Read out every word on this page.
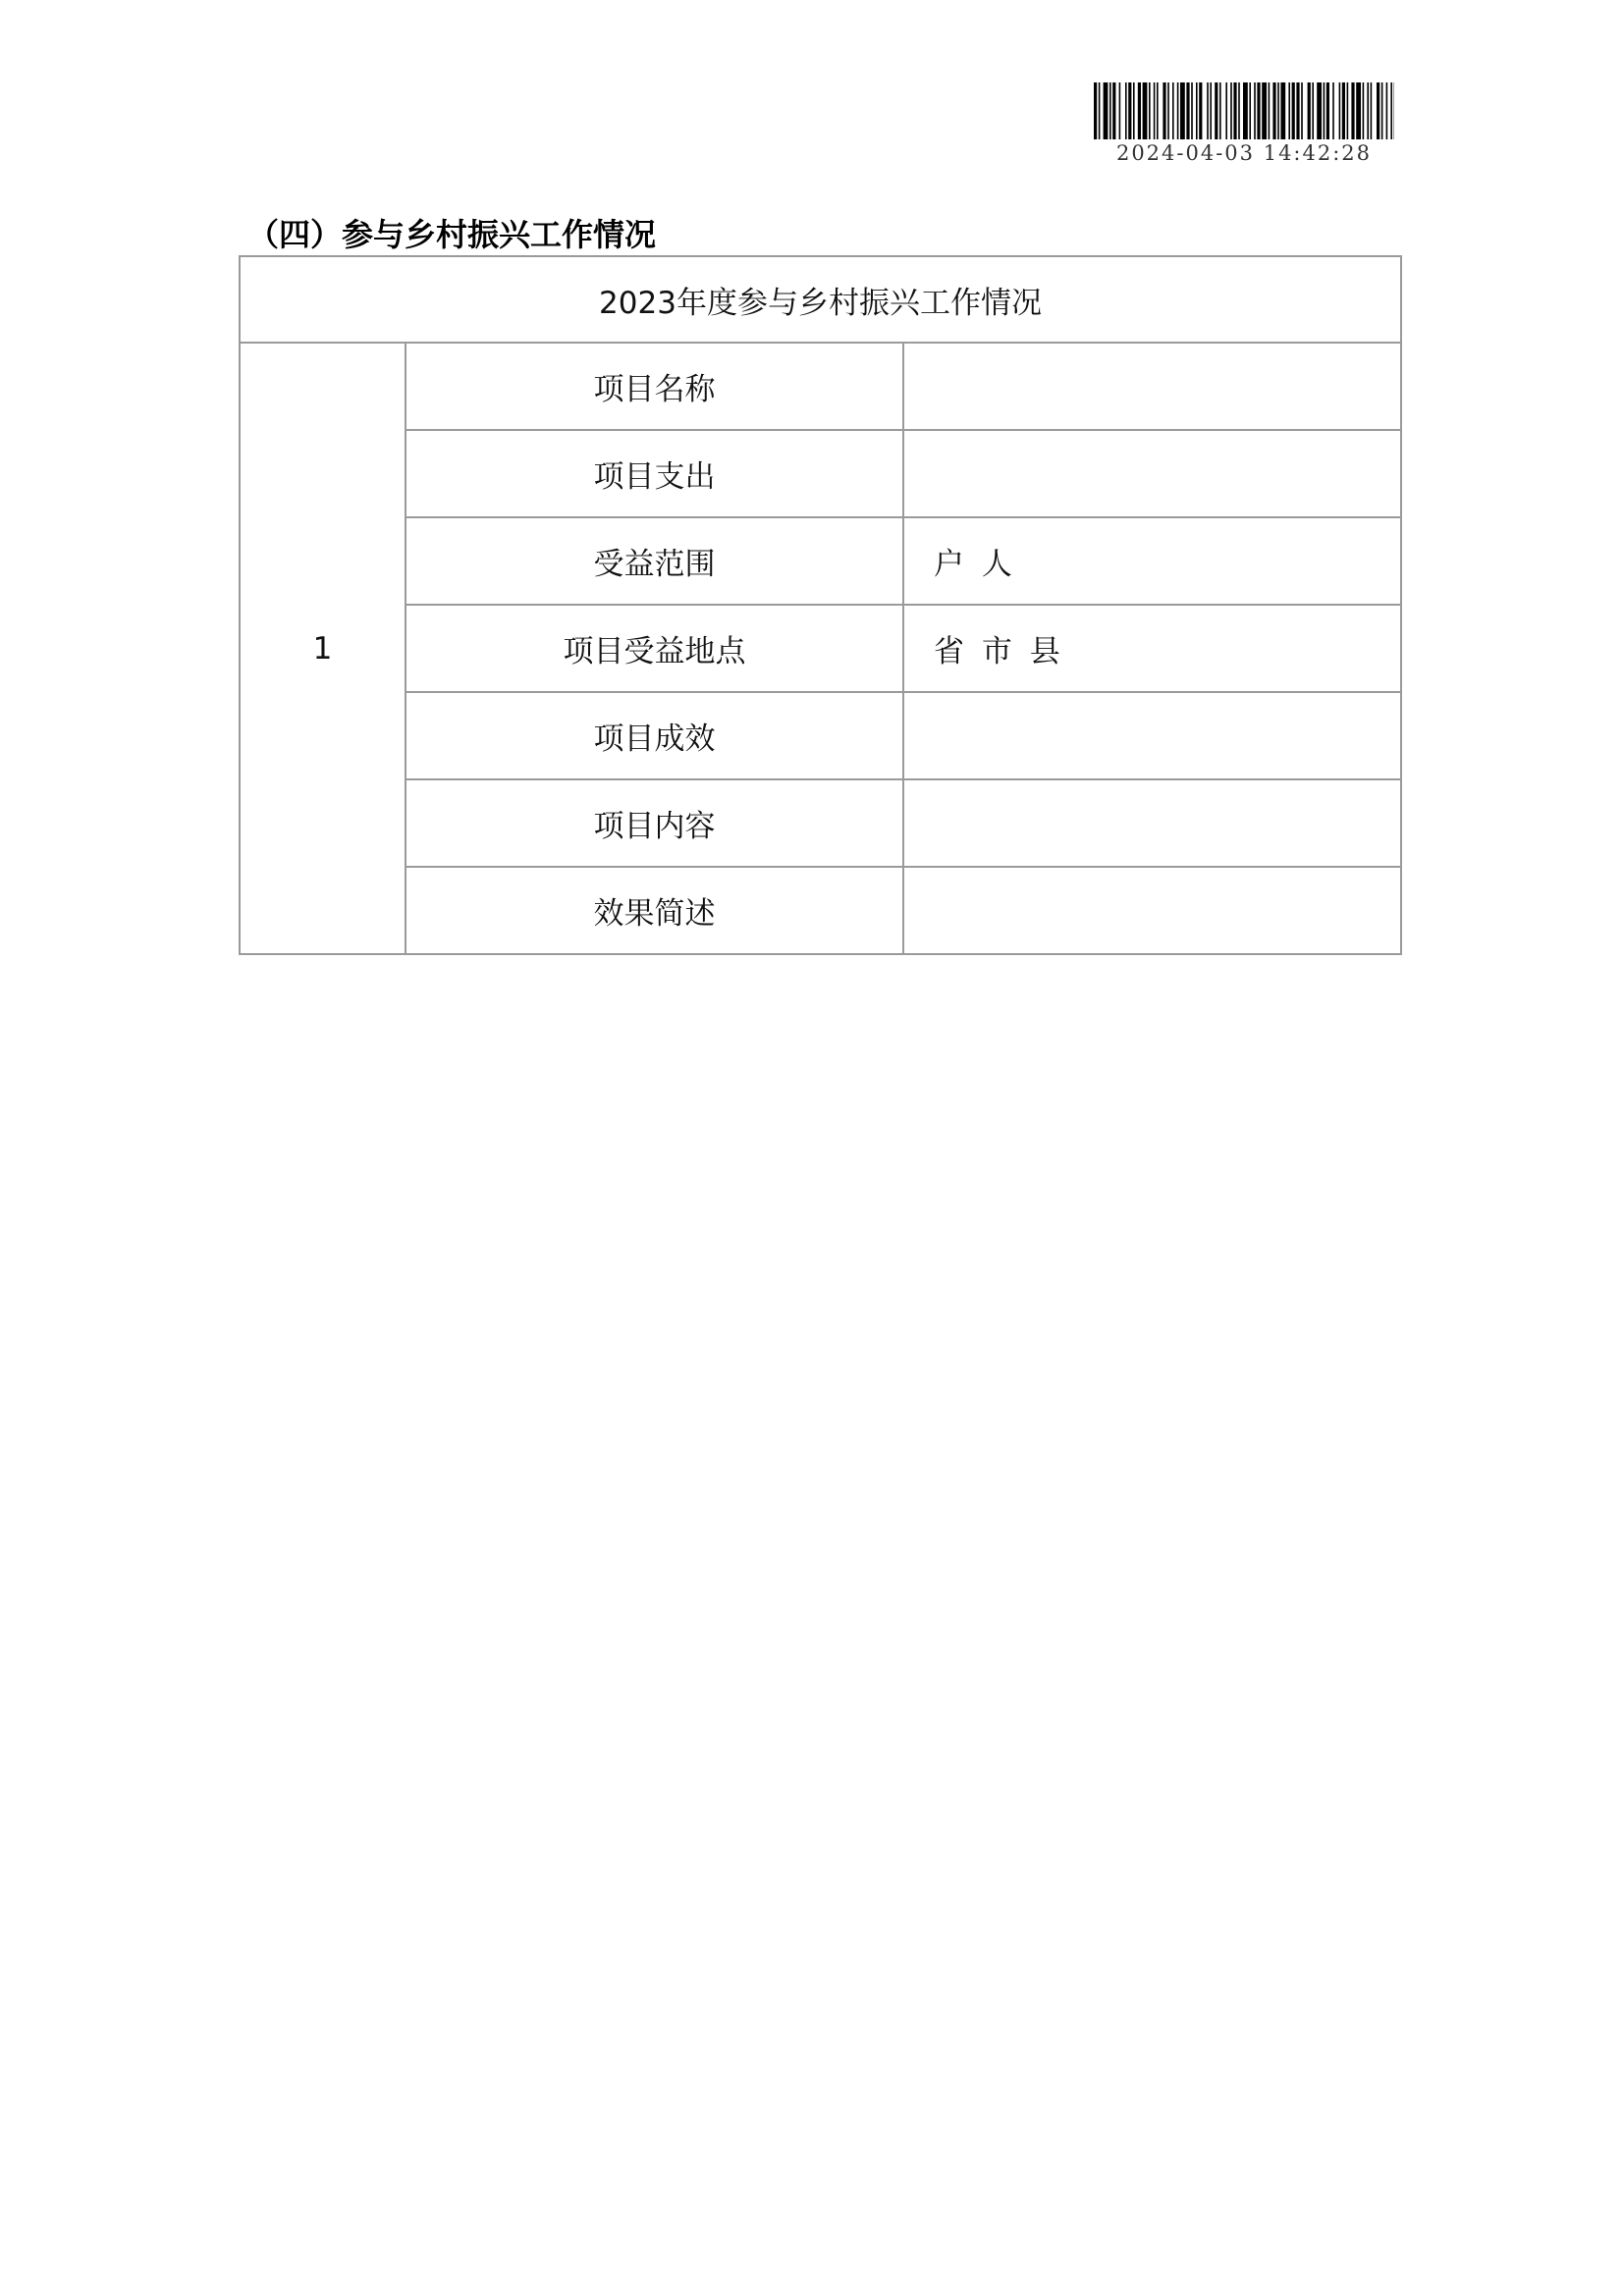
2024-04-03 14:42:28
（四）参与乡村振兴工作情况
2023年度参与乡村振兴工作情况		
1	项目名称	
	项目支出	
	受益范围	户 人
	项目受益地点	省 市 县
	项目成效	
	项目内容	
	效果简述	
